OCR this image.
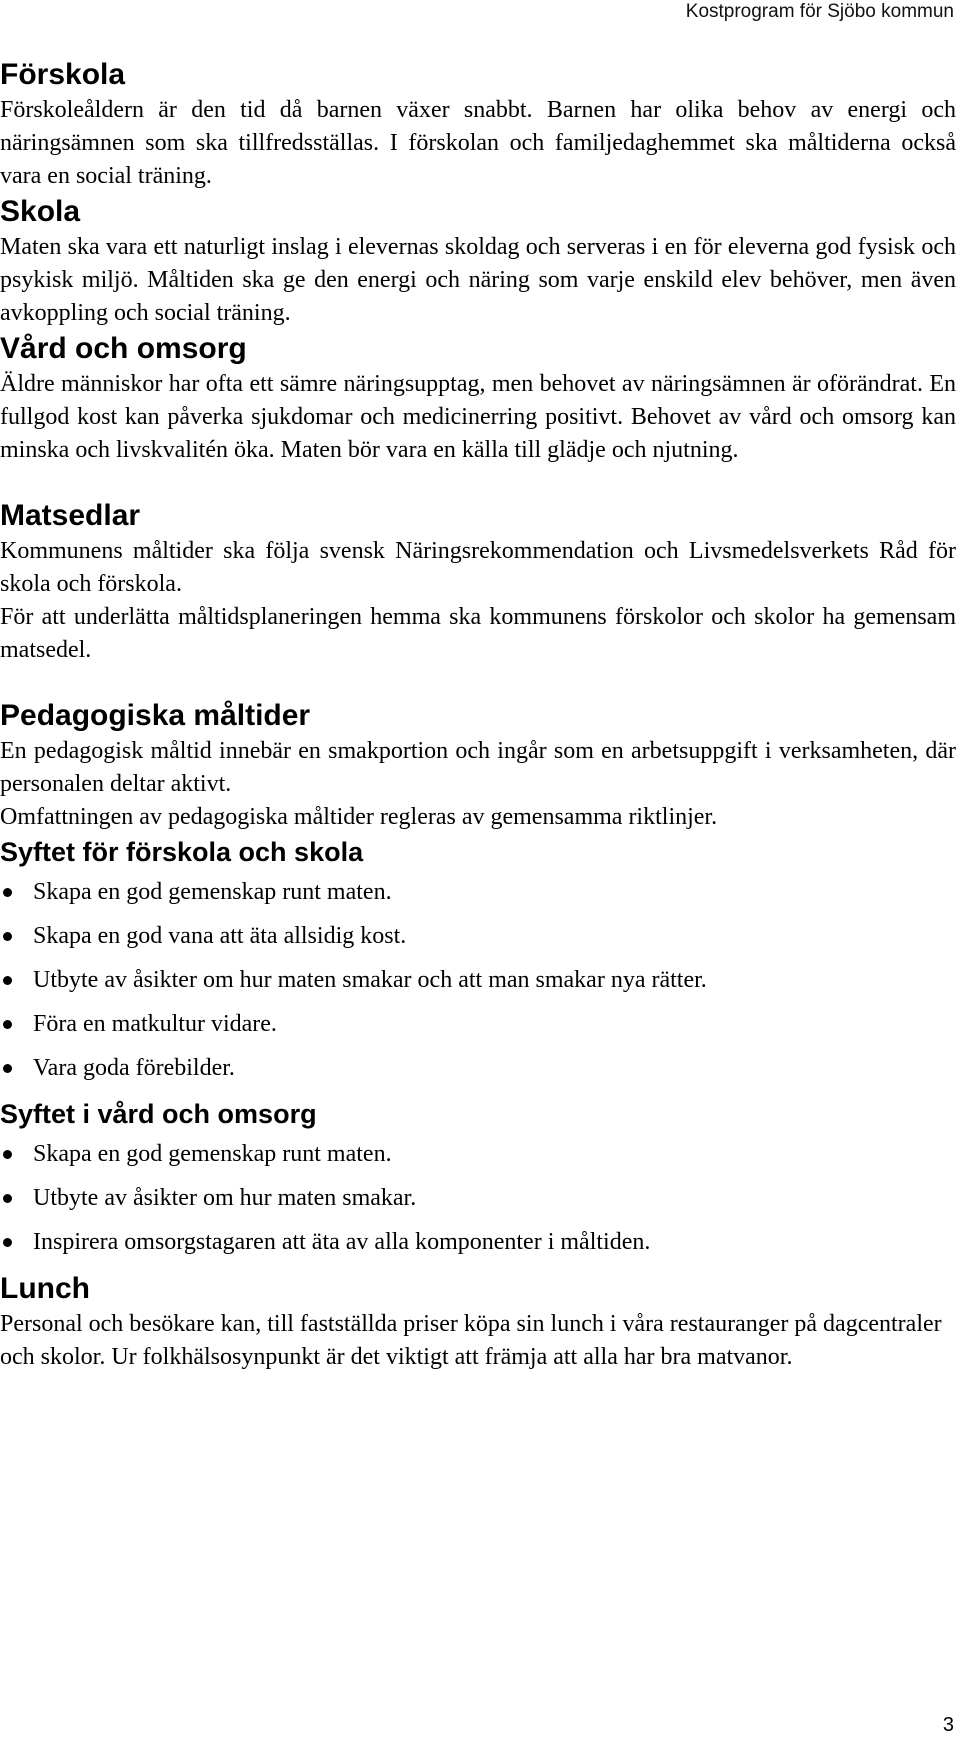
Kostprogram för Sjöbo kommun
Förskola

Förskoleåldern är den tid då barnen växer snabbt. Barnen har olika behov av energi och näringsämnen som ska tillfredsställas. I förskolan och familjedaghemmet ska måltiderna också vara en social träning.

Skola

Maten ska vara ett naturligt inslag i elevernas skoldag och serveras i en för eleverna god fysisk och psykisk miljö. Måltiden ska ge den energi och näring som varje enskild elev behöver, men även avkoppling och social träning.

Vård och omsorg

Äldre människor har ofta ett sämre näringsupptag, men behovet av näringsämnen är oförändrat. En fullgod kost kan påverka sjukdomar och medicinerring positivt. Behovet av vård och omsorg kan minska och livskvalitén öka. Maten bör vara en källa till glädje och njutning.

Matsedlar

Kommunens måltider ska följa svensk Näringsrekommendation och Livsmedelsverkets Råd för skola och förskola.

För att underlätta måltidsplaneringen hemma ska kommunens förskolor och skolor ha gemensam matsedel.

Pedagogiska måltider

En pedagogisk måltid innebär en smakportion och ingår som en arbetsuppgift i verksamheten, där personalen deltar aktivt.

Omfattningen av pedagogiska måltider regleras av gemensamma riktlinjer.

Syftet för förskola och skola
Skapa en god gemenskap runt maten.
Skapa en god vana att äta allsidig kost.
Utbyte av åsikter om hur maten smakar och att man smakar nya rätter.
Föra en matkultur vidare.
Vara goda förebilder.
Syftet i vård och omsorg
Skapa en god gemenskap runt maten.
Utbyte av åsikter om hur maten smakar.
Inspirera omsorgstagaren att äta av alla komponenter i måltiden.
Lunch

Personal och besökare kan, till fastställda priser köpa sin lunch i våra restauranger på dagcentraler och skolor. Ur folkhälsosynpunkt är det viktigt att främja att alla har bra matvanor.

3
